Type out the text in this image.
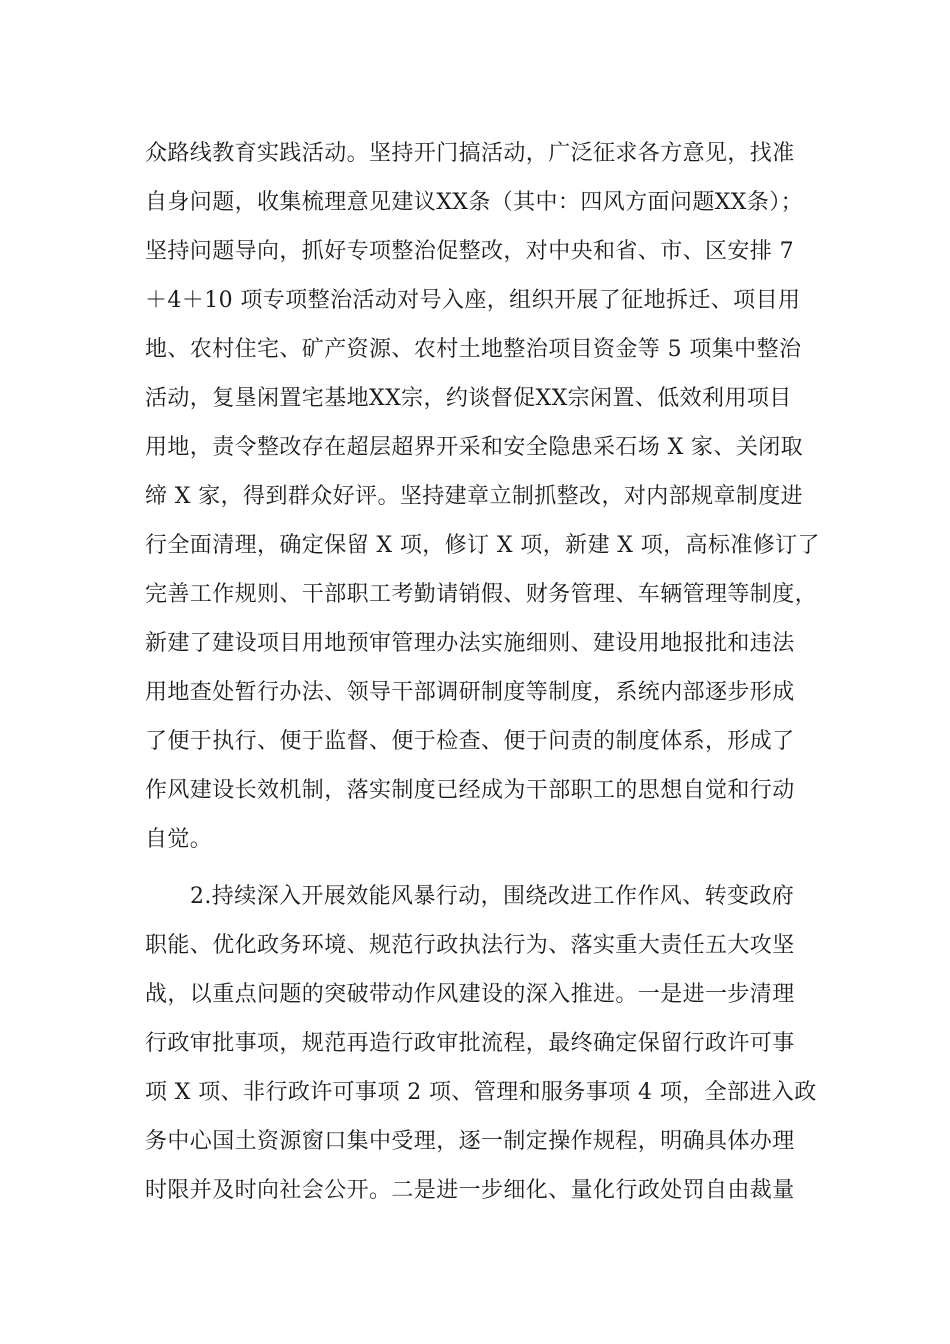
众路线教育实践活动。坚持开门搞活动，广泛征求各方意见，找准
自身问题，收集梳理意见建议XX条（其中：四风方面问题XX条）；
坚持问题导向，抓好专项整治促整改，对中央和省、市、区安排 7
＋4＋10 项专项整治活动对号入座，组织开展了征地拆迁、项目用
地、农村住宅、矿产资源、农村土地整治项目资金等 5 项集中整治
活动，复垦闲置宅基地XX宗，约谈督促XX宗闲置、低效利用项目
用地，责令整改存在超层超界开采和安全隐患采石场 X 家、关闭取
缔 X 家，得到群众好评。坚持建章立制抓整改，对内部规章制度进
行全面清理，确定保留 X 项，修订 X 项，新建 X 项，高标准修订了
完善工作规则、干部职工考勤请销假、财务管理、车辆管理等制度，
新建了建设项目用地预审管理办法实施细则、建设用地报批和违法
用地查处暂行办法、领导干部调研制度等制度，系统内部逐步形成
了便于执行、便于监督、便于检查、便于问责的制度体系，形成了
作风建设长效机制，落实制度已经成为干部职工的思想自觉和行动
自觉。
2.持续深入开展效能风暴行动，围绕改进工作作风、转变政府
职能、优化政务环境、规范行政执法行为、落实重大责任五大攻坚
战，以重点问题的突破带动作风建设的深入推进。一是进一步清理
行政审批事项，规范再造行政审批流程，最终确定保留行政许可事
项 X 项、非行政许可事项 2 项、管理和服务事项 4 项，全部进入政
务中心国土资源窗口集中受理，逐一制定操作规程，明确具体办理
时限并及时向社会公开。二是进一步细化、量化行政处罚自由裁量
